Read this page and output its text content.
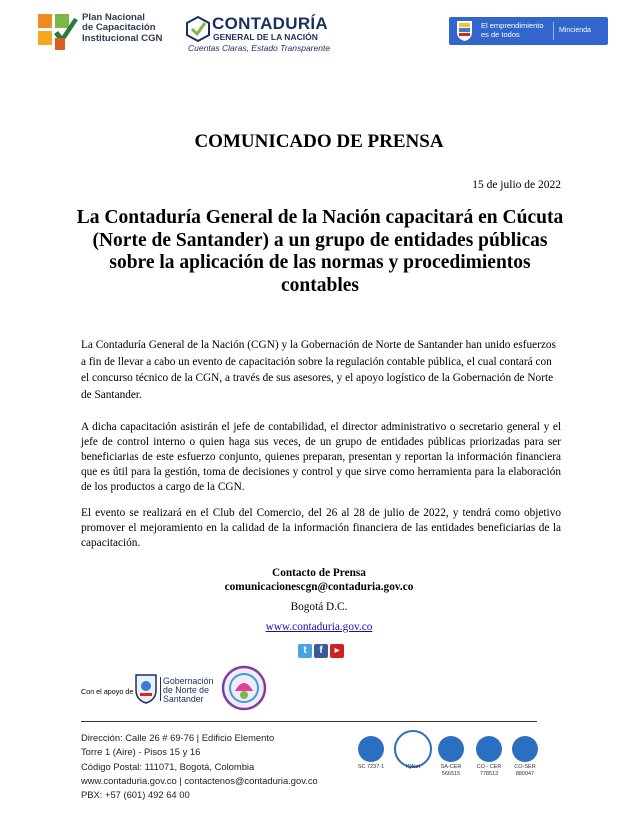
Plan Nacional
de Capacitación
Institucional CGN
CONTADURÍA
GENERAL DE LA NACIÓN
Cuentas Claras, Estado Transparente
El emprendimiento
es de todos	Mincienda
COMUNICADO DE PRENSA
15 de julio de 2022
La Contaduría General de la Nación capacitará en Cúcuta (Norte de Santander) a un grupo de entidades públicas sobre la aplicación de las normas y procedimientos contables
La Contaduría General de la Nación (CGN) y la Gobernación de Norte de Santander han unido esfuerzos a fin de llevar a cabo un evento de capacitación sobre la regulación contable pública, el cual contará con el concurso técnico de la CGN, a través de sus asesores, y el apoyo logístico de la Gobernación de Norte de Santander.
A dicha capacitación asistirán el jefe de contabilidad, el director administrativo o secretario general y el jefe de control interno o quien haga sus veces, de un grupo de entidades públicas priorizadas para ser beneficiarias de este esfuerzo conjunto, quienes preparan, presentan y reportan la información financiera que es útil para la gestión, toma de decisiones y control y que sirve como herramienta para la elaboración de los productos a cargo de la CGN.
El evento se realizará en el Club del Comercio, del 26 al 28 de julio de 2022, y tendrá como objetivo promover el mejoramiento en la calidad de la información financiera de las entidades beneficiarias de la capacitación.
Contacto de Prensa
comunicacionescgn@contaduria.gov.co
Bogotá D.C.
www.contaduria.gov.co
t	f	▶
Con el apoyo de
Gobernación
de Norte de
Santander
Dirección: Calle 26 # 69-76 | Edificio Elemento
Torre 1 (Aire) - Pisos 15 y 16
Código Postal: 111071, Bogotá, Colombia
www.contaduria.gov.co | contactenos@contaduria.gov.co
PBX: +57 (601) 492 64 00
SC 7237-1	IQNet	SA-CER 566515
CO - CER 778513
CO-SER 880047
